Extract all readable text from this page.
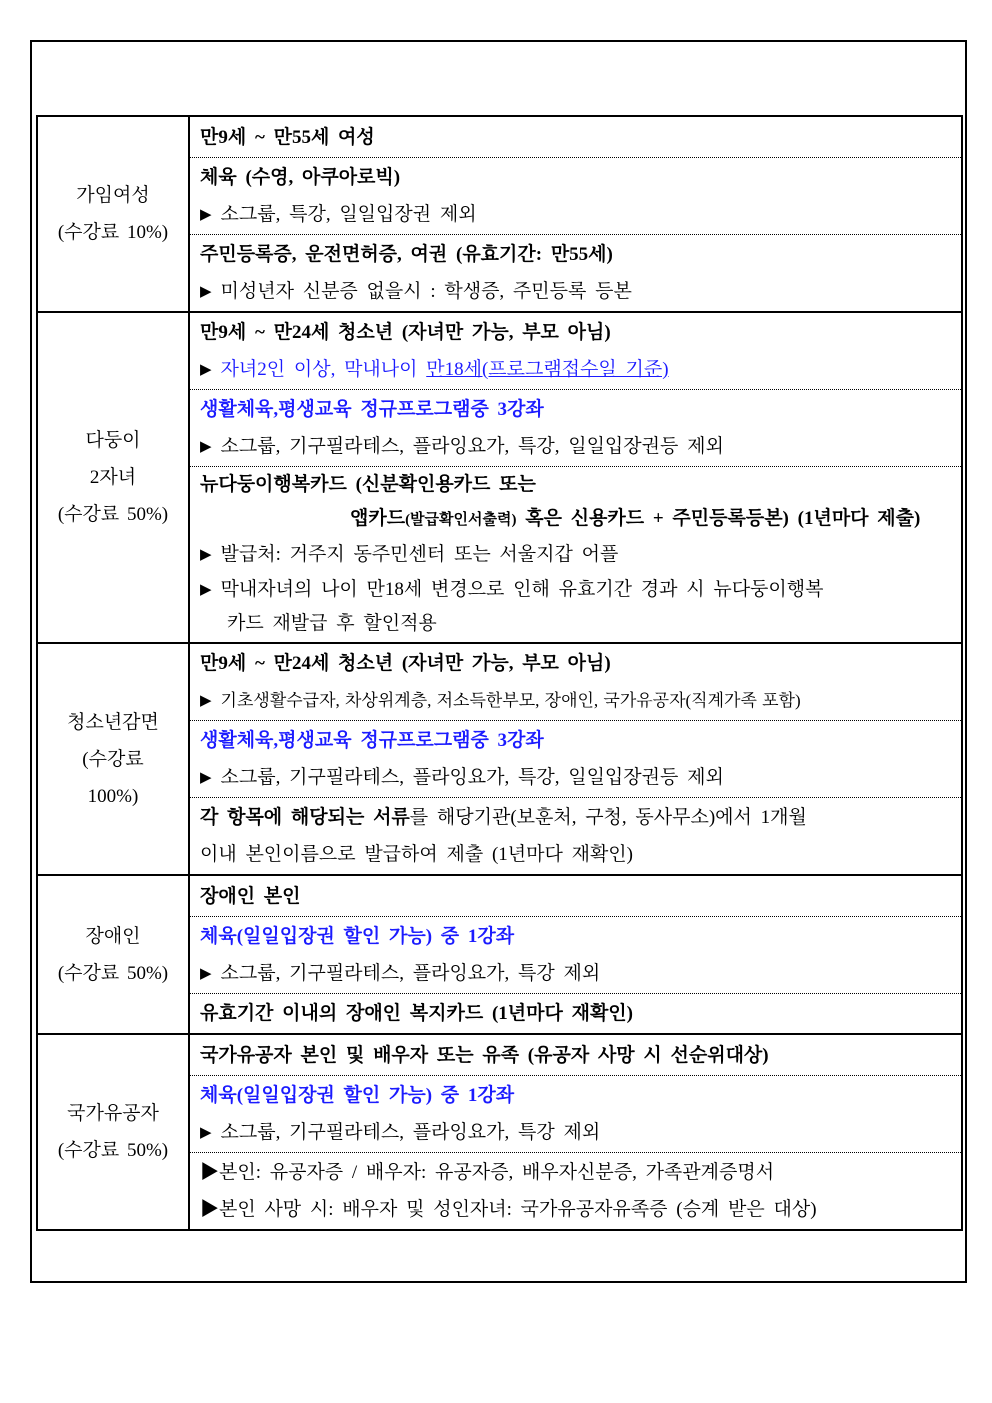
가임여성
(수강료 10%)
만9세 ~ 만55세 여성
체육 (수영, 아쿠아로빅)
▶ 소그룹, 특강, 일일입장권 제외
주민등록증, 운전면허증, 여권 (유효기간: 만55세)
▶ 미성년자 신분증 없을시 : 학생증, 주민등록 등본
다둥이
2자녀
(수강료 50%)
만9세 ~ 만24세 청소년 (자녀만 가능, 부모 아님)
▶ 자녀2인 이상, 막내나이 만18세(프로그램접수일 기준)
생활체육,평생교육 정규프로그램중 3강좌
▶ 소그룹, 기구필라테스, 플라잉요가, 특강, 일일입장권등 제외
뉴다둥이행복카드 (신분확인용카드 또는
앱카드(발급확인서출력) 혹은 신용카드 + 주민등록등본) (1년마다 제출)
▶ 발급처: 거주지 동주민센터 또는 서울지갑 어플
▶ 막내자녀의 나이 만18세 변경으로 인해 유효기간 경과 시 뉴다둥이행복
카드 재발급 후 할인적용
청소년감면
(수강료
100%)
만9세 ~ 만24세 청소년 (자녀만 가능, 부모 아님)
▶ 기초생활수급자, 차상위계층, 저소득한부모, 장애인, 국가유공자(직계가족 포함)
생활체육,평생교육 정규프로그램중 3강좌
▶ 소그룹, 기구필라테스, 플라잉요가, 특강, 일일입장권등 제외
각 항목에 해당되는 서류를 해당기관(보훈처, 구청, 동사무소)에서 1개월
이내 본인이름으로 발급하여 제출 (1년마다 재확인)
장애인
(수강료 50%)
장애인 본인
체육(일일입장권 할인 가능) 중 1강좌
▶ 소그룹, 기구필라테스, 플라잉요가, 특강 제외
유효기간 이내의 장애인 복지카드 (1년마다 재확인)
국가유공자
(수강료 50%)
국가유공자 본인 및 배우자 또는 유족 (유공자 사망 시 선순위대상)
체육(일일입장권 할인 가능) 중 1강좌
▶ 소그룹, 기구필라테스, 플라잉요가, 특강 제외
▶본인: 유공자증 / 배우자: 유공자증, 배우자신분증, 가족관계증명서
▶본인 사망 시: 배우자 및 성인자녀: 국가유공자유족증 (승계 받은 대상)
